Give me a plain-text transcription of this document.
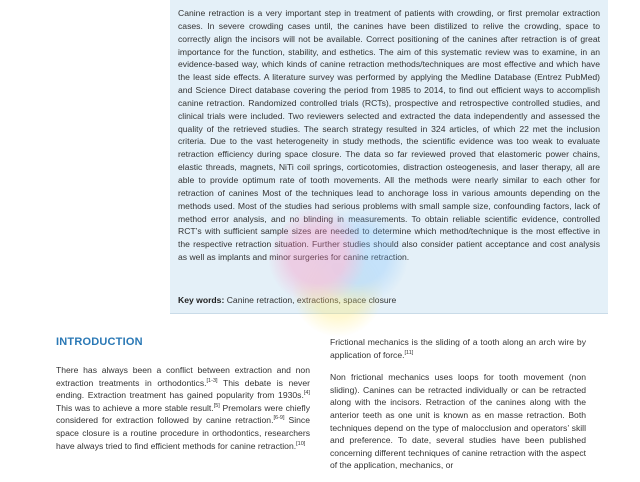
Canine retraction is a very important step in treatment of patients with crowding, or first premolar extraction cases. In severe crowding cases until, the canines have been distilized to relive the crowding, space to correctly align the incisors will not be available. Correct positioning of the canines after retraction is of great importance for the function, stability, and esthetics. The aim of this systematic review was to examine, in an evidence-based way, which kinds of canine retraction methods/techniques are most effective and which have the least side effects. A literature survey was performed by applying the Medline Database (Entrez PubMed) and Science Direct database covering the period from 1985 to 2014, to find out efficient ways to accomplish canine retraction. Randomized controlled trials (RCTs), prospective and retrospective controlled studies, and clinical trials were included. Two reviewers selected and extracted the data independently and assessed the quality of the retrieved studies. The search strategy resulted in 324 articles, of which 22 met the inclusion criteria. Due to the vast heterogeneity in study methods, the scientific evidence was too weak to evaluate retraction efficiency during space closure. The data so far reviewed proved that elastomeric power chains, elastic threads, magnets, NiTi coil springs, corticotomies, distraction osteogenesis, and laser therapy, all are able to provide optimum rate of tooth movements. All the methods were nearly similar to each other for retraction of canines Most of the techniques lead to anchorage loss in various amounts depending on the methods used. Most of the studies had serious problems with small sample size, confounding factors, lack of method error analysis, and no blinding in measurements. To obtain reliable scientific evidence, controlled RCT’s with sufficient sample sizes are needed to determine which method/technique is the most effective in the respective retraction situation. Further studies should also consider patient acceptance and cost analysis as well as implants and minor surgeries for canine retraction.

Key words: Canine retraction, extractions, space closure
INTRODUCTION

There has always been a conflict between extraction and non extraction treatments in orthodontics.[1-3] This debate is never ending. Extraction treatment has gained popularity from 1930s.[4] This was to achieve a more stable result.[5] Premolars were chiefly considered for extraction followed by canine retraction.[6-9] Since space closure is a routine procedure in orthodontics, researchers have always tried to find efficient methods for canine retraction.[10]

Frictional mechanics is the sliding of a tooth along an arch wire by application of force.[11]

Non frictional mechanics uses loops for tooth movement (non sliding). Canines can be retracted individually or can be retracted along with the incisors. Retraction of the canines along with the anterior teeth as one unit is known as en masse retraction. Both techniques depend on the type of malocclusion and operators’ skill and preference. To date, several studies have been published concerning different techniques of canine retraction with the aspect of the application, mechanics, or
